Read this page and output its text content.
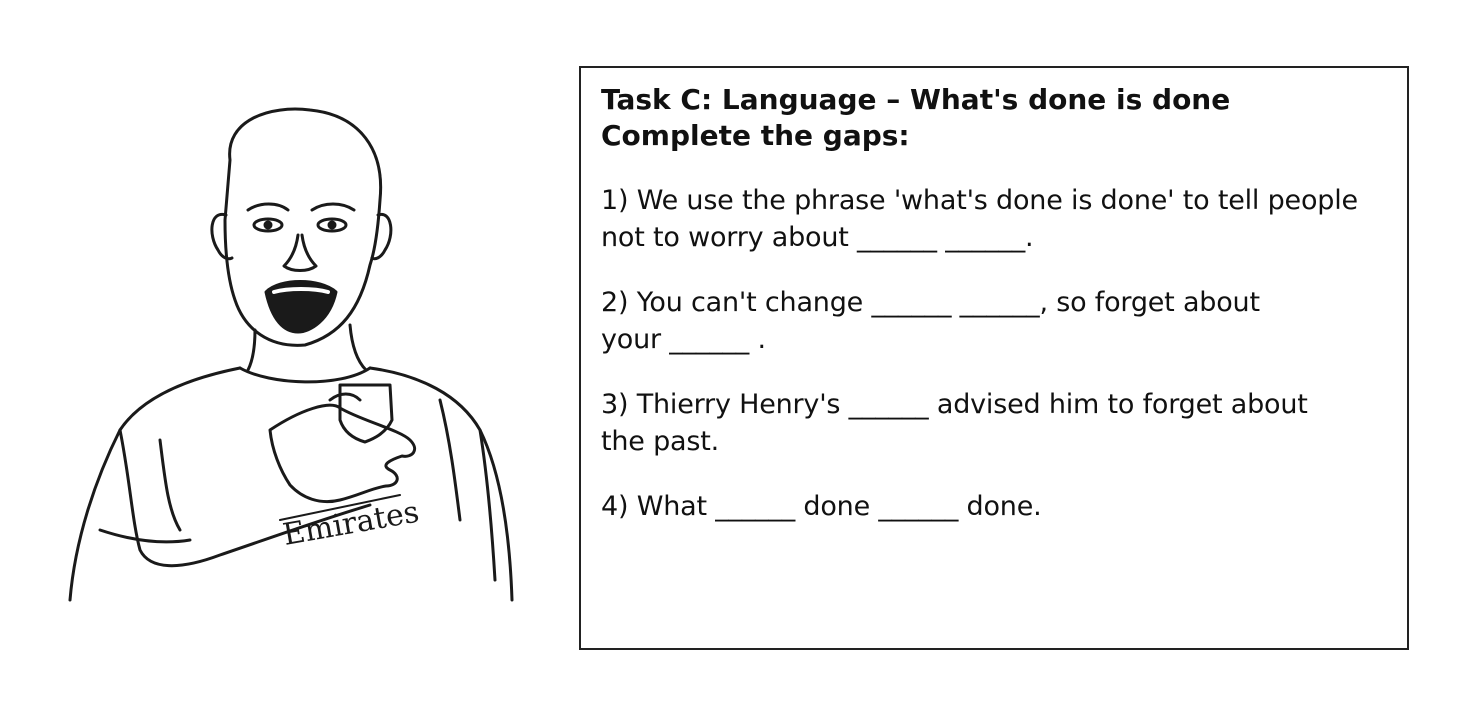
Emirates

Task C: Language – What's done is done

Complete the gaps:

1) We use the phrase 'what's done is done' to tell people
not to worry about ______ ______.
2) You can't change ______ ______, so forget about
your ______ .
3) Thierry Henry's ______ advised him to forget about
the past.
4) What ______ done ______ done.
